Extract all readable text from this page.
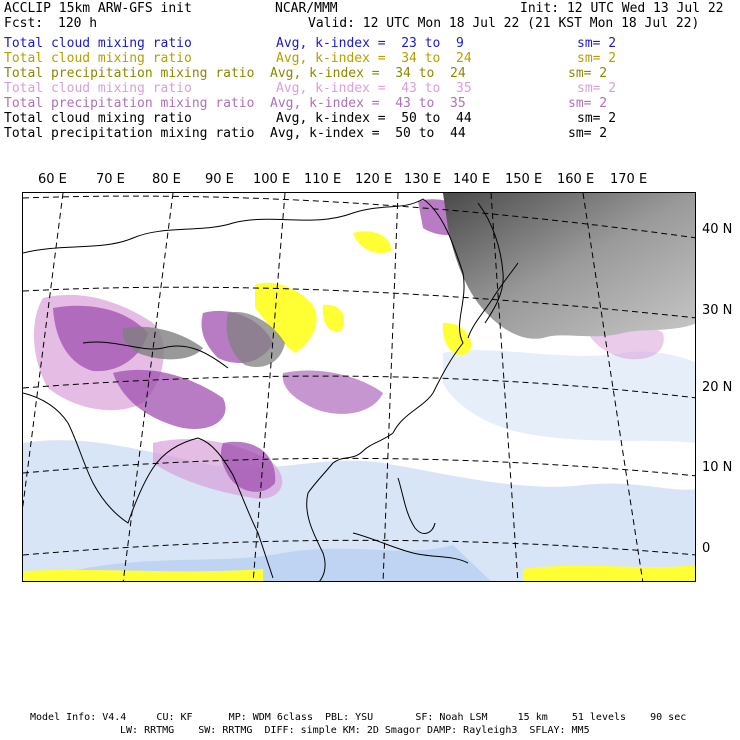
ACCLIP 15km ARW-GFS init	NCAR/MMM	Init: 12 UTC Wed 13 Jul 22
Fcst: 120 h	Valid: 12 UTC Mon 18 Jul 22 (21 KST Mon 18 Jul 22)
Total cloud mixing ratio	Avg, k-index =  23 to  9	sm= 2
Total cloud mixing ratio	Avg, k-index =  34 to  24	sm= 2
Total precipitation mixing ratio Avg, k-index =  34 to  24	sm= 2
Total cloud mixing ratio	Avg, k-index =  43 to  35	sm= 2
Total precipitation mixing ratio Avg, k-index =  43 to  35	sm= 2
Total cloud mixing ratio	Avg, k-index =  50 to  44	sm= 2
Total precipitation mixing ratio Avg, k-index =  50 to  44	sm= 2
60 E 70 E 80 E 90 E 100 E 110 E 120 E 130 E 140 E 150 E 160 E 170 E
40 N
30 N
20 N
10 N
0
Model Info: V4.4     CU: KF      MP: WDM 6class  PBL: YSU       SF: Noah LSM     15 km    51 levels    90 sec
LW: RRTMG    SW: RRTMG  DIFF: simple KM: 2D Smagor DAMP: Rayleigh3  SFLAY: MM5
